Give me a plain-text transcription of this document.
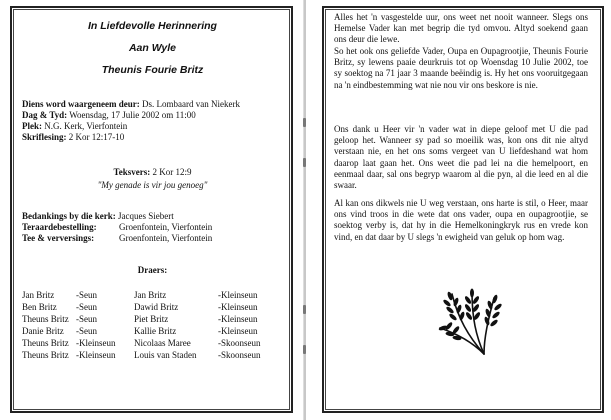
In Liefdevolle Herinnering
Aan Wyle
Theunis Fourie Britz
Diens word waargeneem deur: Ds. Lombaard van Niekerk
Dag & Tyd: Woensdag, 17 Julie 2002 om 11:00
Plek: N.G. Kerk, Vierfontein
Skriflesing: 2 Kor 12:17-10
Teksvers: 2 Kor 12:9
"My genade is vir jou genoeg"
Bedankings by die kerk: Jacques Siebert
Teraardebestelling: Groenfontein, Vierfontein
Tee & verversings:	Groenfontein, Vierfontein
Draers:
Jan Britz
Ben Britz
Theuns Britz
Danie Britz
Theuns Britz
Theuns Britz
-Seun
-Seun
-Seun
-Seun
-Kleinseun
-Kleinseun
Jan Britz
Dawid Britz
Piet Britz
Kallie Britz
Nicolaas Maree
Louis van Staden
-Kleinseun
-Kleinseun
-Kleinseun
-Kleinseun
-Skoonseun
-Skoonseun
Alles het 'n vasgestelde uur, ons weet net nooit wanneer. Slegs ons Hemelse Vader kan met begrip die tyd omvou. Altyd soekend gaan ons deur die lewe.
So het ook ons geliefde Vader, Oupa en Oupagrootjie, Theunis Fourie Britz, sy lewens paaie deurkruis tot op Woensdag 10 Julie 2002, toe sy soektog na 71 jaar 3 maande beëindig is. Hy het ons vooruitgegaan na 'n eindbestemming wat nie nou vir ons beskore is nie.
Ons dank u Heer vir 'n vader wat in diepe geloof met U die pad geloop het. Wanneer sy pad so moeilik was, kon ons dit nie altyd verstaan nie, en het ons soms vergeet van U liefdeshand wat hom daarop laat gaan het. Ons weet die pad lei na die hemelpoort, en eenmaal daar, sal ons begryp waarom al die pyn, al die leed en al die swaar.
Al kan ons dikwels nie U weg verstaan, ons harte is stil, o Heer, maar ons vind troos in die wete dat ons vader, oupa en oupagrootjie, se soektog verby is, dat hy in die Hemelkoningkryk rus en vrede kon vind, en dat daar by U slegs 'n ewigheid van geluk op hom wag.
